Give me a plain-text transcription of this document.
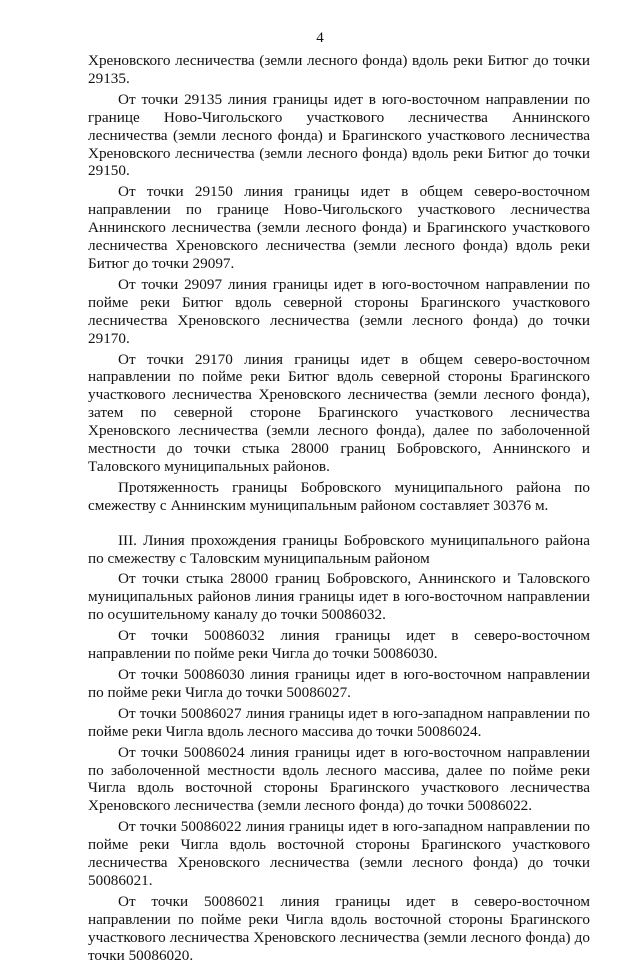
4

Хреновского лесничества (земли лесного фонда) вдоль реки Битюг до точки 29135.

От точки 29135 линия границы идет в юго-восточном направлении по границе Ново-Чигольского участкового лесничества Аннинского лесничества (земли лесного фонда) и Брагинского участкового лесничества Хреновского лесничества (земли лесного фонда) вдоль реки Битюг до точки 29150.

От точки 29150 линия границы идет в общем северо-восточном направлении по границе Ново-Чигольского участкового лесничества Аннинского лесничества (земли лесного фонда) и Брагинского участкового лесничества Хреновского лесничества (земли лесного фонда) вдоль реки Битюг до точки 29097.

От точки 29097 линия границы идет в юго-восточном направлении по пойме реки Битюг вдоль северной стороны Брагинского участкового лесничества Хреновского лесничества (земли лесного фонда) до точки 29170.

От точки 29170 линия границы идет в общем северо-восточном направлении по пойме реки Битюг вдоль северной стороны Брагинского участкового лесничества Хреновского лесничества (земли лесного фонда), затем по северной стороне Брагинского участкового лесничества Хреновского лесничества (земли лесного фонда), далее по заболоченной местности до точки стыка 28000 границ Бобровского, Аннинского и Таловского муниципальных районов.

Протяженность границы Бобровского муниципального района по смежеству с Аннинским муниципальным районом составляет 30376 м.

III. Линия прохождения границы Бобровского муниципального района по смежеству с Таловским муниципальным районом

От точки стыка 28000 границ Бобровского, Аннинского и Таловского муниципальных районов линия границы идет в юго-восточном направлении по осушительному каналу до точки 50086032.

От точки 50086032 линия границы идет в северо-восточном направлении по пойме реки Чигла до точки 50086030.

От точки 50086030 линия границы идет в юго-восточном направлении по пойме реки Чигла до точки 50086027.

От точки 50086027 линия границы идет в юго-западном направлении по пойме реки Чигла вдоль лесного массива до точки 50086024.

От точки 50086024 линия границы идет в юго-восточном направлении по заболоченной местности вдоль лесного массива, далее по пойме реки Чигла вдоль восточной стороны Брагинского участкового лесничества Хреновского лесничества (земли лесного фонда) до точки 50086022.

От точки 50086022 линия границы идет в юго-западном направлении по пойме реки Чигла вдоль восточной стороны Брагинского участкового лесничества Хреновского лесничества (земли лесного фонда) до точки 50086021.

От точки 50086021 линия границы идет в северо-восточном направлении по пойме реки Чигла вдоль восточной стороны Брагинского участкового лесничества Хреновского лесничества (земли лесного фонда) до точки 50086020.
